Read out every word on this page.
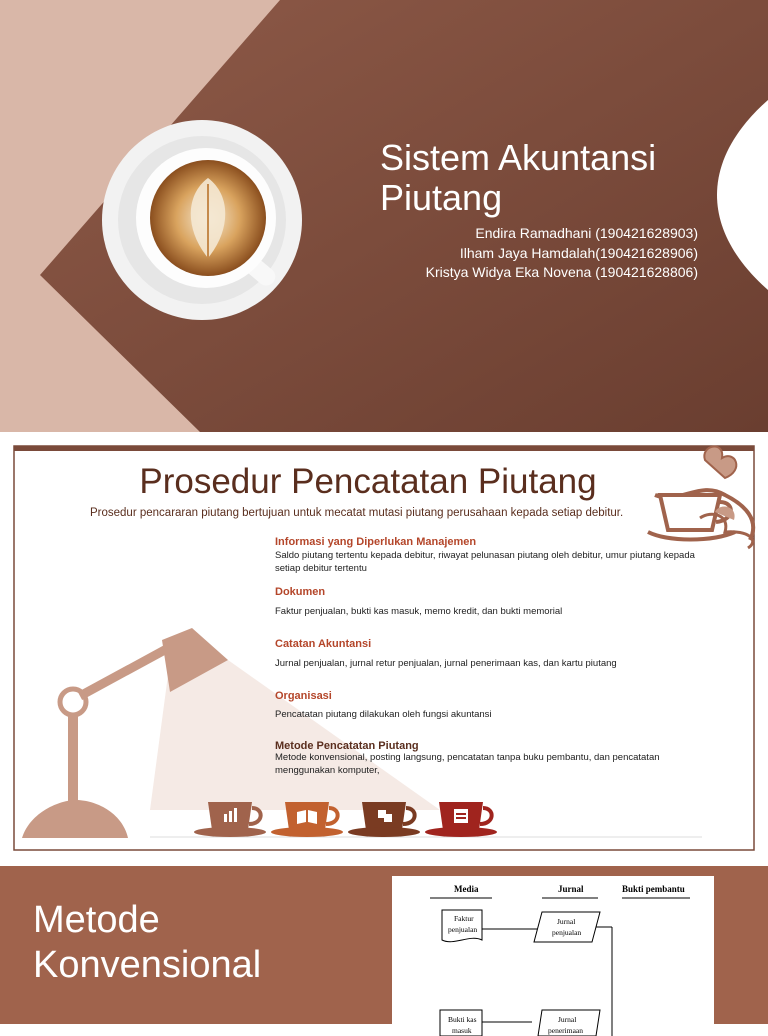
Sistem Akuntansi
Piutang
Endira Ramadhani (190421628903)
Ilham Jaya Hamdalah(190421628906)
Kristya Widya Eka Novena (190421628806)
Prosedur Pencatatan Piutang
Prosedur pencararan piutang bertujuan untuk mecatat mutasi piutang perusahaan kepada setiap debitur.
Informasi yang Diperlukan Manajemen
Saldo piutang tertentu kepada debitur, riwayat pelunasan piutang oleh debitur, umur piutang kepada setiap debitur tertentu
Dokumen
Faktur penjualan, bukti kas masuk, memo kredit, dan bukti memorial
Catatan Akuntansi
Jurnal penjualan, jurnal retur penjualan, jurnal penerimaan kas, dan kartu piutang
Organisasi
Pencatatan piutang dilakukan oleh fungsi akuntansi
Metode Pencatatan Piutang
Metode konvensional, posting langsung, pencatatan tanpa buku pembantu, dan pencatatan menggunakan komputer,
Metode
Konvensional
Media	Jurnal	Bukti pembantu
Faktur
penjualan
Jurnal
penjualan
Bukti kas
masuk
Jurnal
penerimaan
